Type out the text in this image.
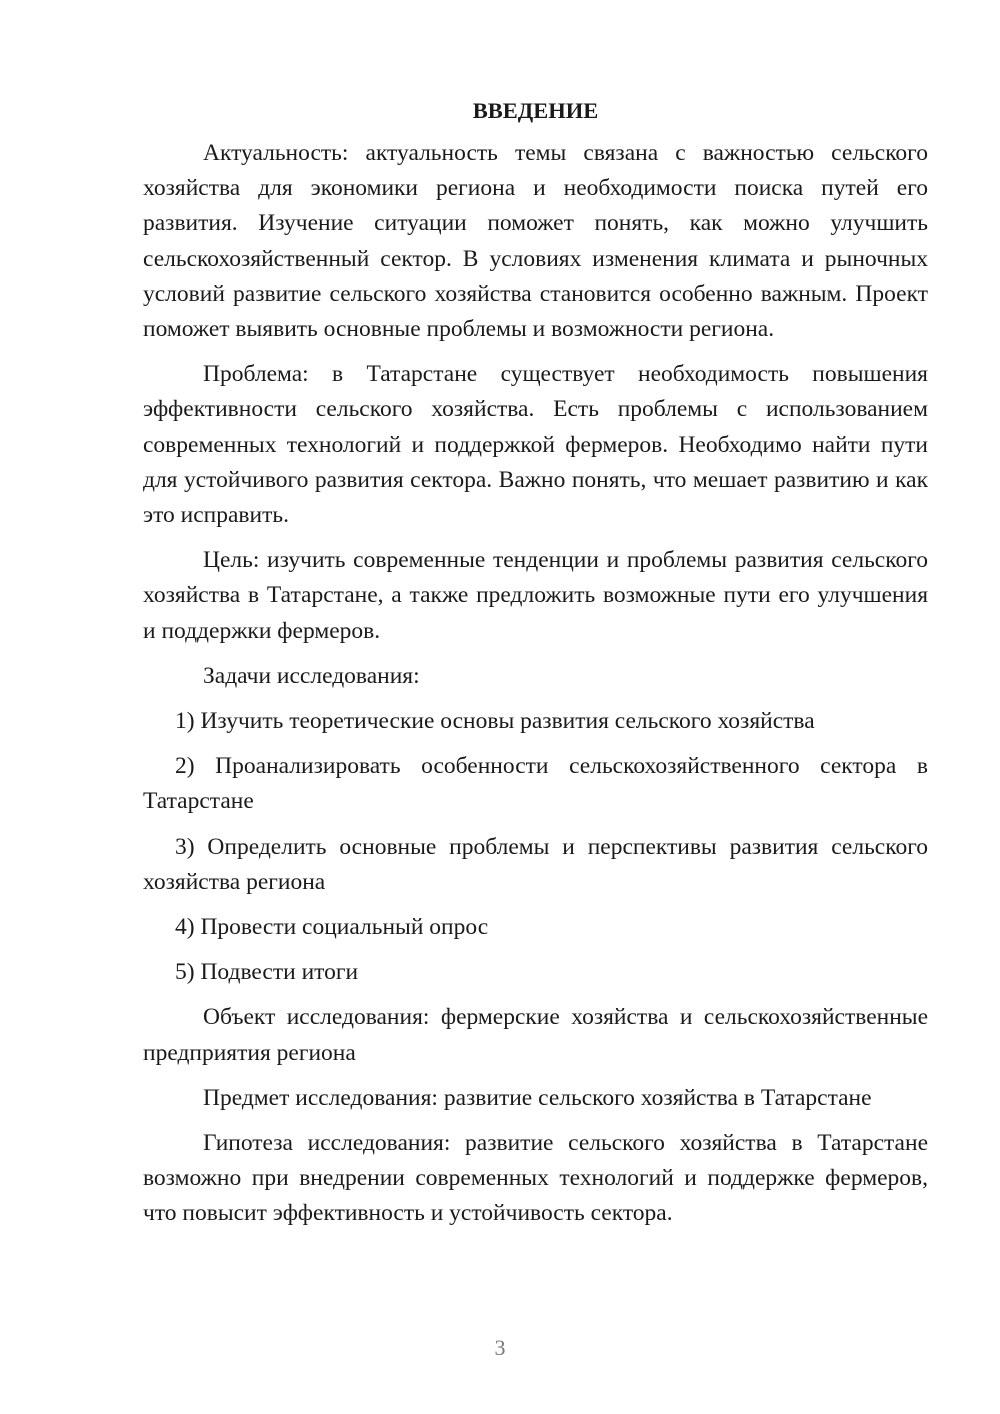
ВВЕДЕНИЕ

Актуальность: актуальность темы связана с важностью сельского хозяйства для экономики региона и необходимости поиска путей его развития. Изучение ситуации поможет понять, как можно улучшить сельскохозяйственный сектор. В условиях изменения климата и рыночных условий развитие сельского хозяйства становится особенно важным. Проект поможет выявить основные проблемы и возможности региона.

Проблема: в Татарстане существует необходимость повышения эффективности сельского хозяйства. Есть проблемы с использованием современных технологий и поддержкой фермеров. Необходимо найти пути для устойчивого развития сектора. Важно понять, что мешает развитию и как это исправить.

Цель: изучить современные тенденции и проблемы развития сельского хозяйства в Татарстане, а также предложить возможные пути его улучшения и поддержки фермеров.

Задачи исследования:

1) Изучить теоретические основы развития сельского хозяйства

2) Проанализировать особенности сельскохозяйственного сектора в Татарстане

3) Определить основные проблемы и перспективы развития сельского хозяйства региона

4) Провести социальный опрос

5) Подвести итоги

Объект исследования: фермерские хозяйства и сельскохозяйственные предприятия региона

Предмет исследования: развитие сельского хозяйства в Татарстане

Гипотеза исследования: развитие сельского хозяйства в Татарстане возможно при внедрении современных технологий и поддержке фермеров, что повысит эффективность и устойчивость сектора.

3
